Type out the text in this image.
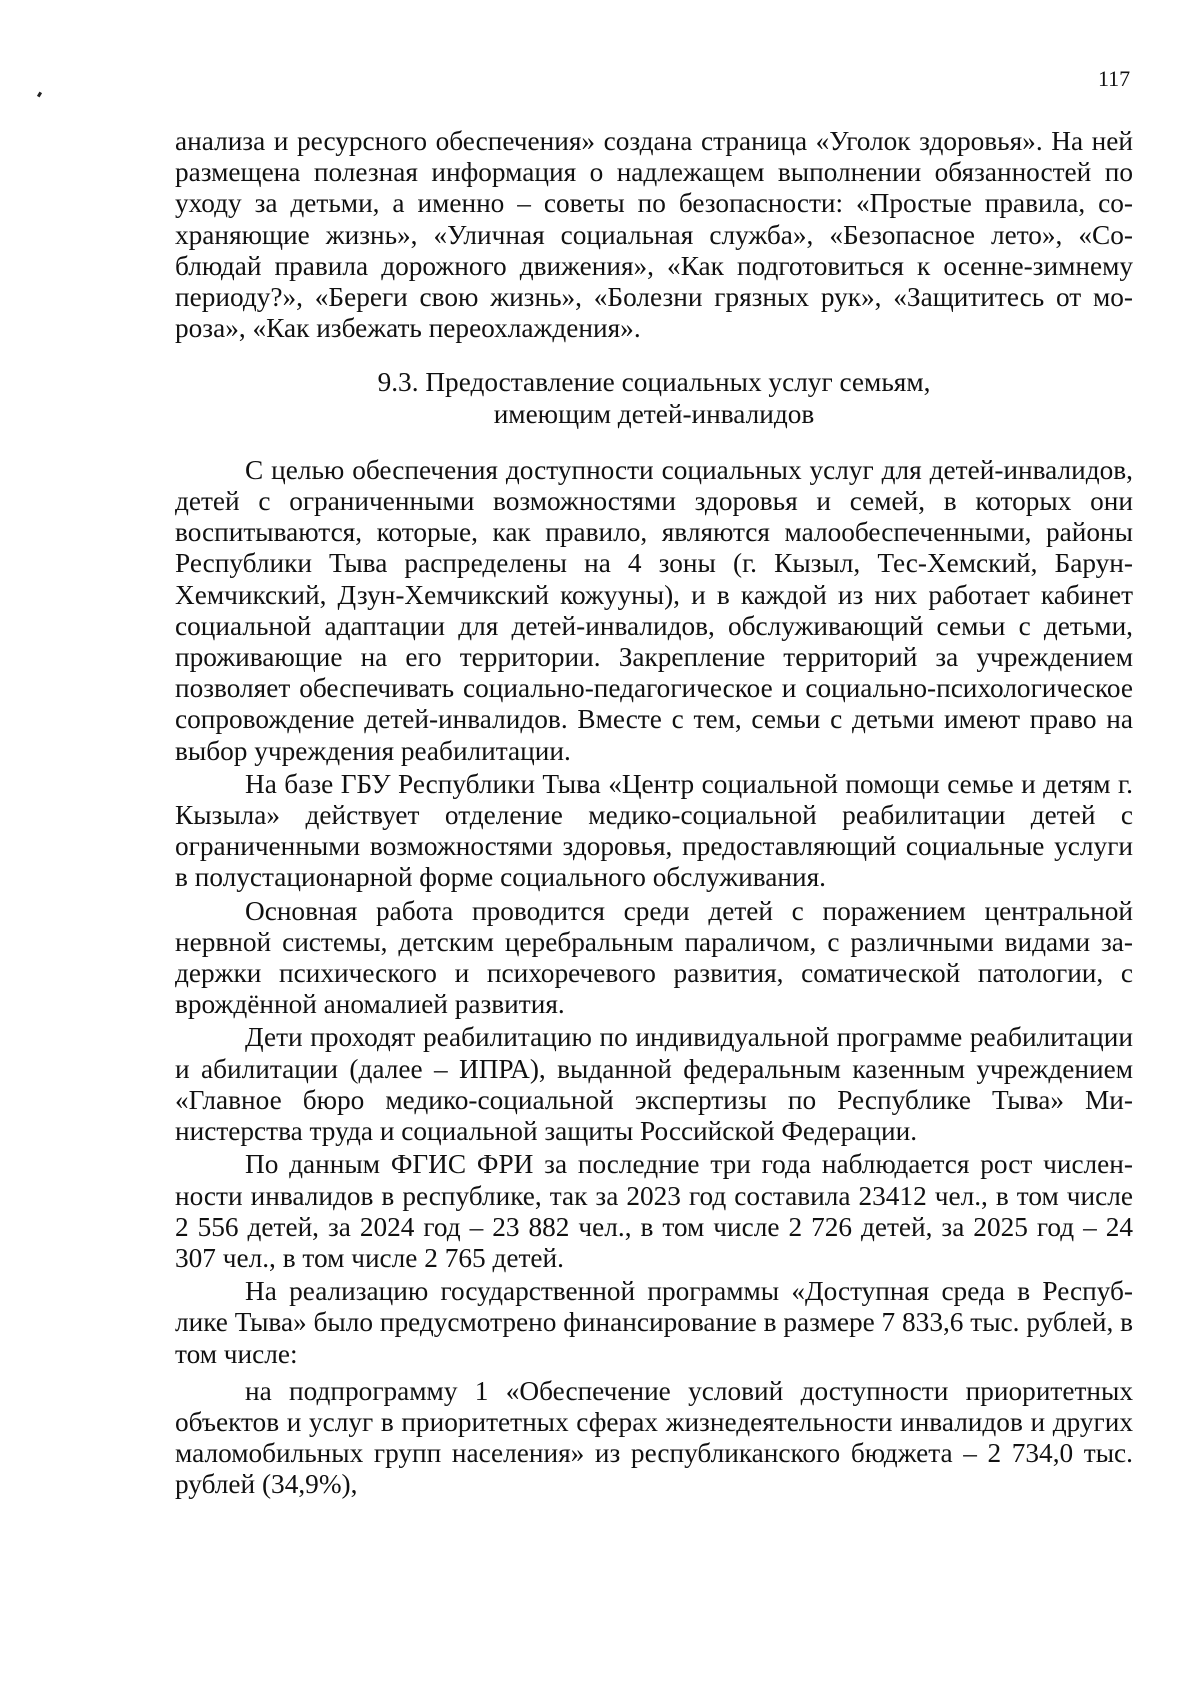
117

анализа и ресурсного обеспечения» создана страница «Уголок здоровья». На ней размещена полезная информация о надлежащем выполнении обязанностей по уходу за детьми, а именно – советы по безопасности: «Простые правила, сохраняющие жизнь», «Уличная социальная служба», «Безопасное лето», «Соблюдай правила дорожного движения», «Как подготовиться к осенне-зимнему периоду?», «Береги свою жизнь», «Болезни грязных рук», «Защититесь от мороза», «Как избежать переохлаждения».

9.3. Предоставление социальных услуг семьям,
имеющим детей-инвалидов

С целью обеспечения доступности социальных услуг для детей-инвалидов, детей с ограниченными возможностями здоровья и семей, в которых они воспитываются, которые, как правило, являются малообеспеченными, районы Республики Тыва распределены на 4 зоны (г. Кызыл, Тес-Хемский, Барун-Хемчикский, Дзун-Хемчикский кожууны), и в каждой из них работает кабинет социальной адаптации для детей-инвалидов, обслуживающий семьи с детьми, проживающие на его территории. Закрепление территорий за учреждением позволяет обеспечивать социально-педагогическое и социально-психологическое сопровождение детей-инвалидов. Вместе с тем, семьи с детьми имеют право на выбор учреждения реабилитации.

На базе ГБУ Республики Тыва «Центр социальной помощи семье и детям г. Кызыла» действует отделение медико-социальной реабилитации детей с ограниченными возможностями здоровья, предоставляющий социальные услуги в полустационарной форме социального обслуживания.

Основная работа проводится среди детей с поражением центральной нервной системы, детским церебральным параличом, с различными видами задержки психического и психоречевого развития, соматической патологии, с врождённой аномалией развития.

Дети проходят реабилитацию по индивидуальной программе реабилитации и абилитации (далее – ИПРА), выданной федеральным казенным учреждением «Главное бюро медико-социальной экспертизы по Республике Тыва» Министерства труда и социальной защиты Российской Федерации.

По данным ФГИС ФРИ за последние три года наблюдается рост численности инвалидов в республике, так за 2023 год составила 23412 чел., в том числе 2 556 детей, за 2024 год – 23 882 чел., в том числе 2 726 детей, за 2025 год – 24 307 чел., в том числе 2 765 детей.

На реализацию государственной программы «Доступная среда в Республике Тыва» было предусмотрено финансирование в размере 7 833,6 тыс. рублей, в том числе:

на подпрограмму 1 «Обеспечение условий доступности приоритетных объектов и услуг в приоритетных сферах жизнедеятельности инвалидов и других маломобильных групп населения» из республиканского бюджета – 2 734,0 тыс. рублей (34,9%),
